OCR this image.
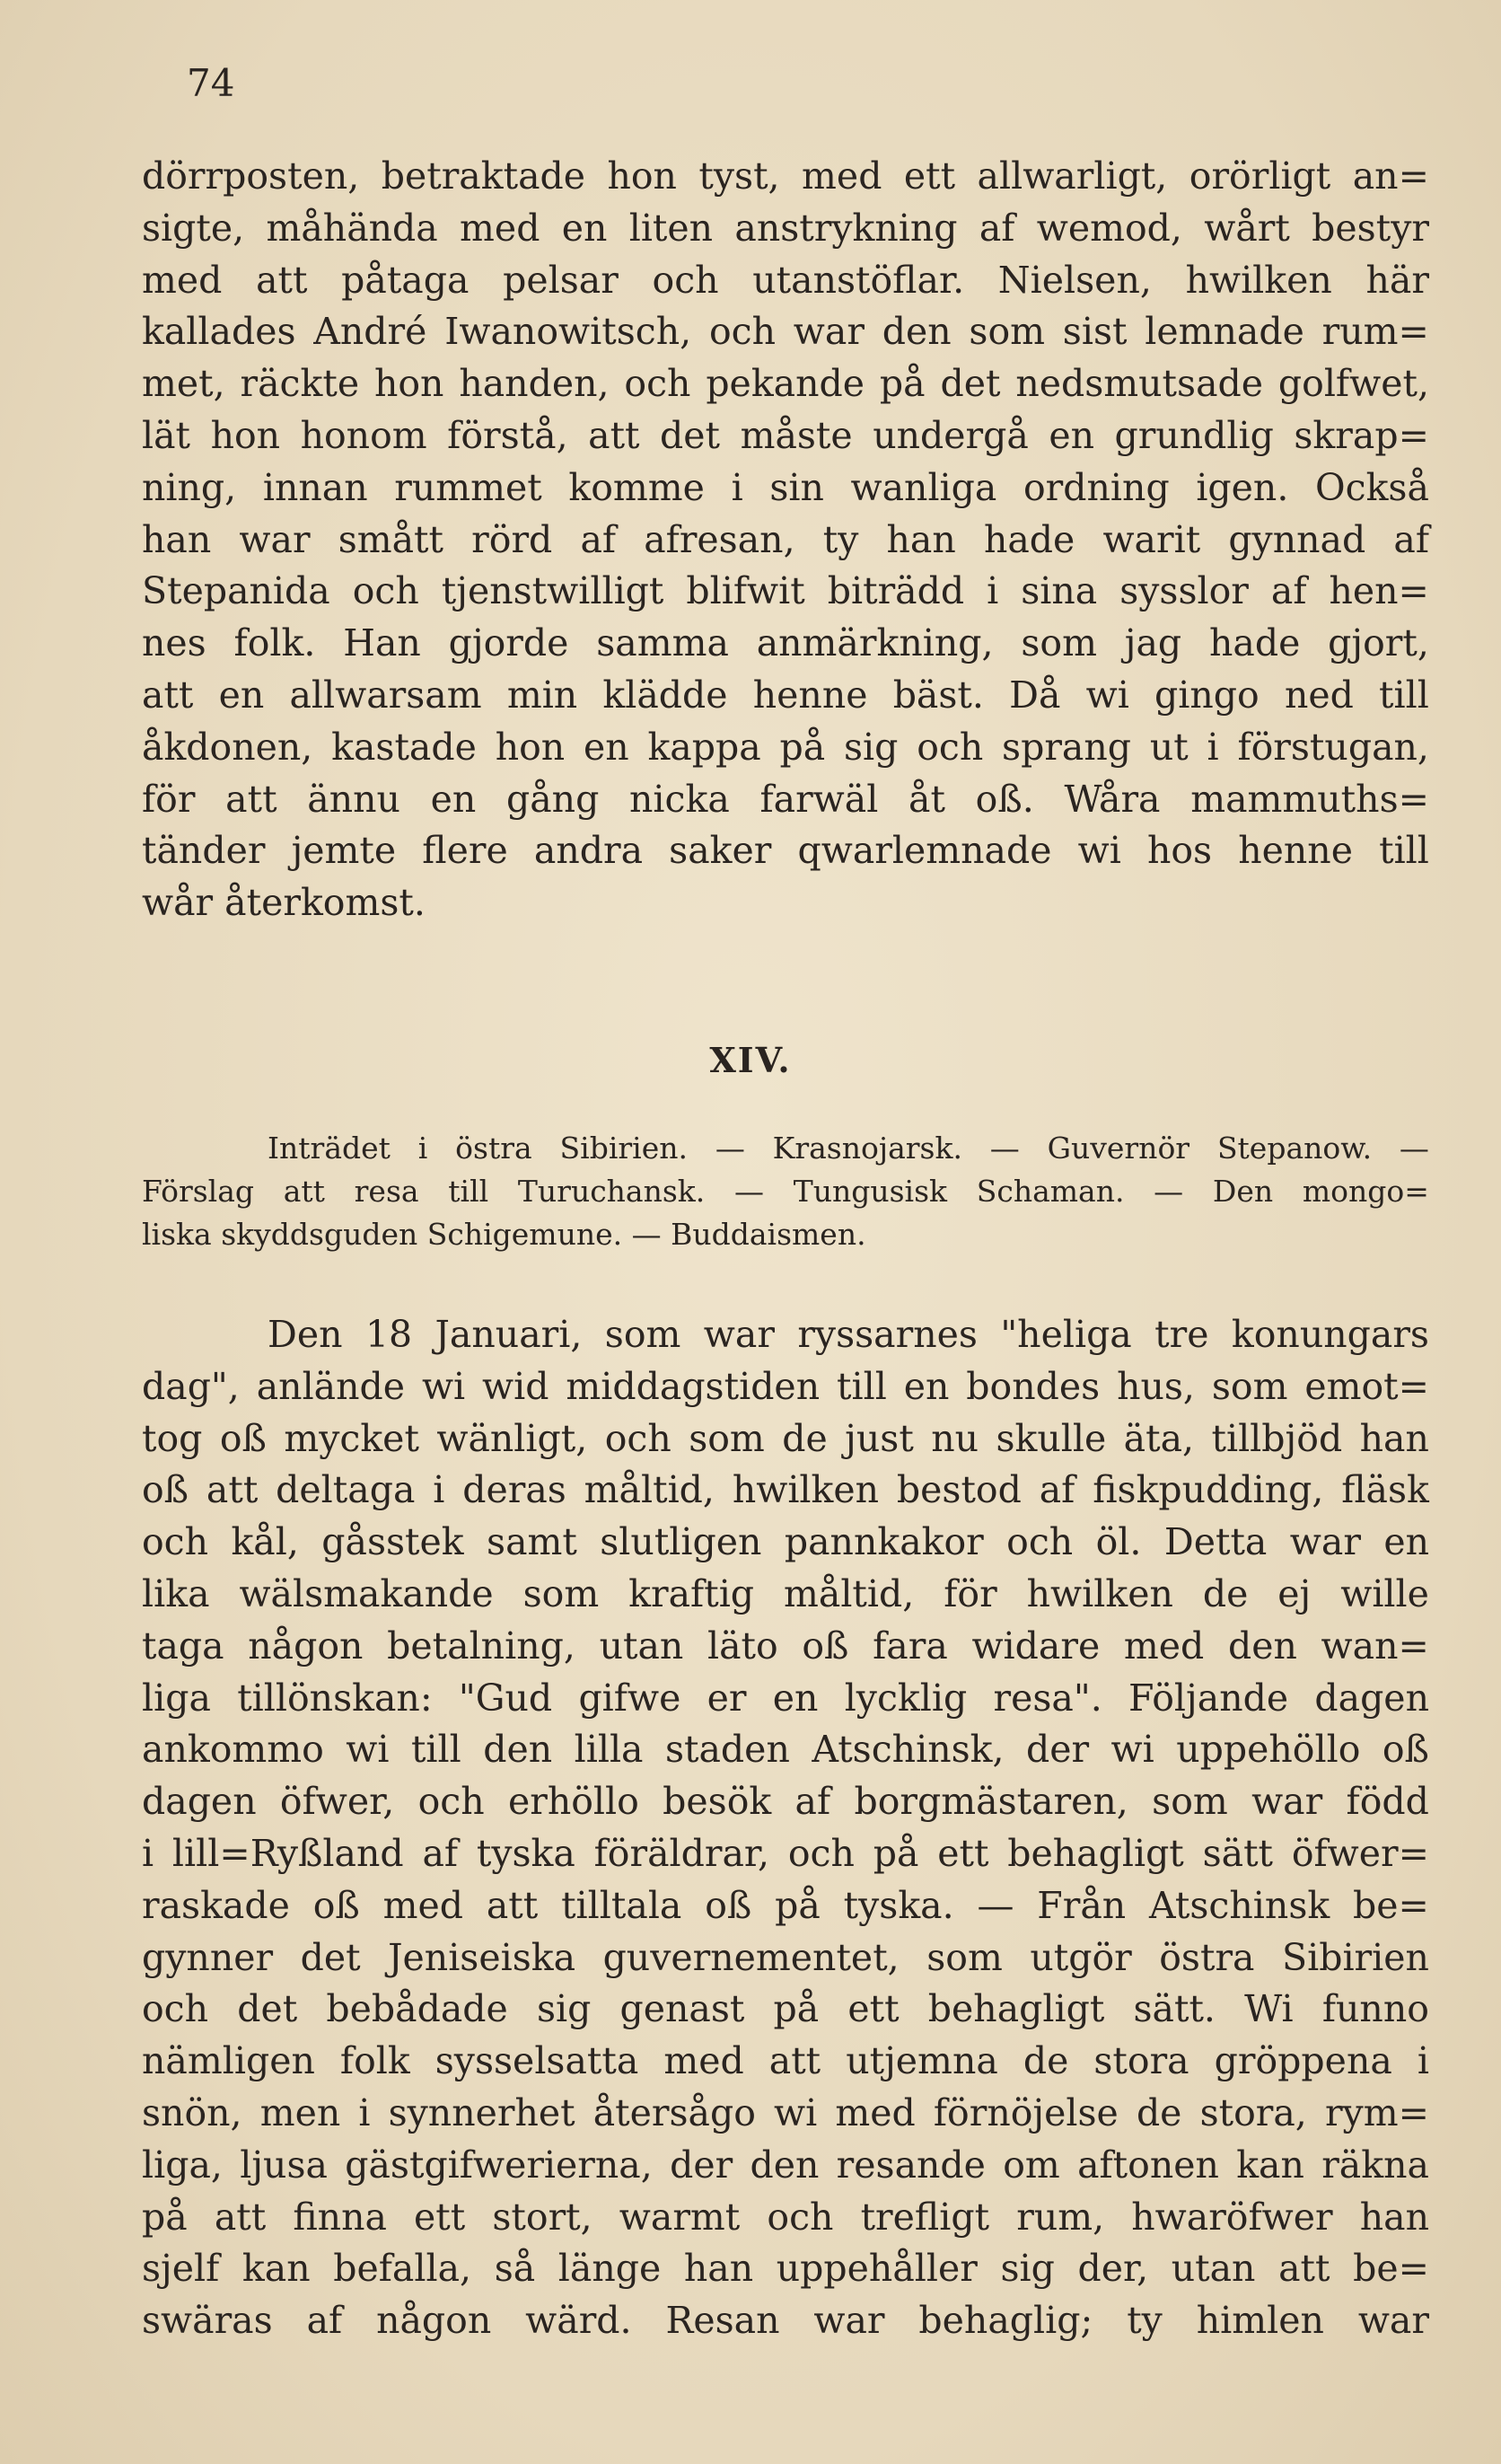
74
dörrposten, betraktade hon tyst, med ett allwarligt, orörligt an=
sigte, måhända med en liten anstrykning af wemod, wårt bestyr
med att påtaga pelsar och utanstöflar. Nielsen, hwilken här
kallades André Iwanowitsch, och war den som sist lemnade rum=
met, räckte hon handen, och pekande på det nedsmutsade golfwet,
lät hon honom förstå, att det måste undergå en grundlig skrap=
ning, innan rummet komme i sin wanliga ordning igen. Också
han war smått rörd af afresan, ty han hade warit gynnad af
Stepanida och tjenstwilligt blifwit biträdd i sina sysslor af hen=
nes folk. Han gjorde samma anmärkning, som jag hade gjort,
att en allwarsam min klädde henne bäst. Då wi gingo ned till
åkdonen, kastade hon en kappa på sig och sprang ut i förstugan,
för att ännu en gång nicka farwäl åt oß. Wåra mammuths=
tänder jemte flere andra saker qwarlemnade wi hos henne till
wår återkomst.
XIV.
Inträdet i östra Sibirien. — Krasnojarsk. — Guvernör Stepanow. —
Förslag att resa till Turuchansk. — Tungusisk Schaman. — Den mongo=
liska skyddsguden Schigemune. — Buddaismen.
Den 18 Januari, som war ryssarnes "heliga tre konungars
dag", anlände wi wid middagstiden till en bondes hus, som emot=
tog oß mycket wänligt, och som de just nu skulle äta, tillbjöd han
oß att deltaga i deras måltid, hwilken bestod af fiskpudding, fläsk
och kål, gåsstek samt slutligen pannkakor och öl. Detta war en
lika wälsmakande som kraftig måltid, för hwilken de ej wille
taga någon betalning, utan läto oß fara widare med den wan=
liga tillönskan: "Gud gifwe er en lycklig resa". Följande dagen
ankommo wi till den lilla staden Atschinsk, der wi uppehöllo oß
dagen öfwer, och erhöllo besök af borgmästaren, som war född
i lill=Ryßland af tyska föräldrar, och på ett behagligt sätt öfwer=
raskade oß med att tilltala oß på tyska. — Från Atschinsk be=
gynner det Jeniseiska guvernementet, som utgör östra Sibirien
och det bebådade sig genast på ett behagligt sätt. Wi funno
nämligen folk sysselsatta med att utjemna de stora gröppena i
snön, men i synnerhet återsågo wi med förnöjelse de stora, rym=
liga, ljusa gästgifwerierna, der den resande om aftonen kan räkna
på att finna ett stort, warmt och trefligt rum, hwaröfwer han
sjelf kan befalla, så länge han uppehåller sig der, utan att be=
swäras af någon wärd. Resan war behaglig; ty himlen war
